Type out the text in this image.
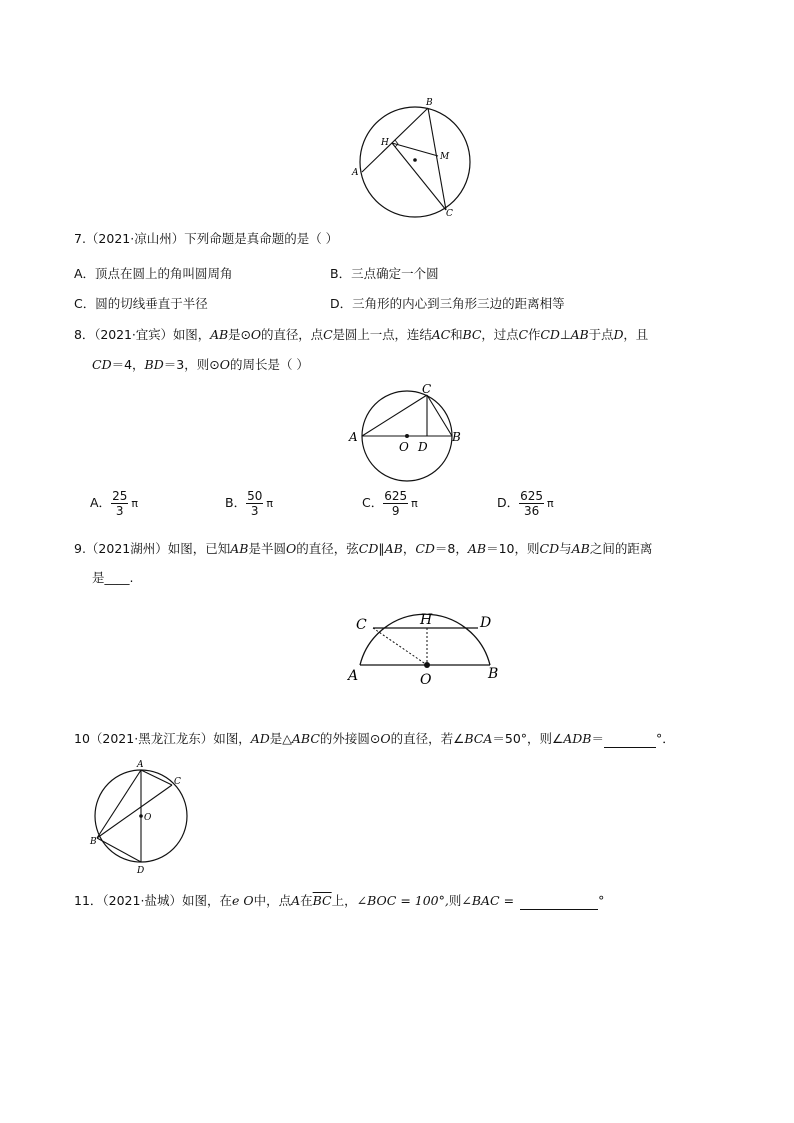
B
H
M
A
C
7.（2021·凉山州）下列命题是真命题的是（ ）
A．顶点在圆上的角叫圆周角	B．三点确定一个圆
C．圆的切线垂直于半径	D．三角形的内心到三角形三边的距离相等
8．（2021·宜宾）如图，AB是⊙O的直径，点C是圆上一点，连结AC和BC，过点C作CD⊥AB于点D，且
CD＝4，BD＝3，则⊙O的周长是（ ）
A	B
C
O D
A． $\frac{25}{3}$ π	B． $\frac{50}{3}$ π	C． $\frac{625}{9}$ π	D． $\frac{625}{36}$ π
9.（2021湖州）如图，已知AB是半圆O的直径，弦CD∥AB，CD＝8，AB＝10，则CD与AB之间的距离
是____.
C	H	D
A	O	B
10（2021·黑龙江龙东）如图，AD是△ABC的外接圆⊙O的直径，若∠BCA＝50°，则∠ADB＝	°．
A
C
O
B
D
11．（2021·盐城）如图，在e O中，点A在$\overline{BC}$上，∠BOC = 100°,则∠BAC =	°
